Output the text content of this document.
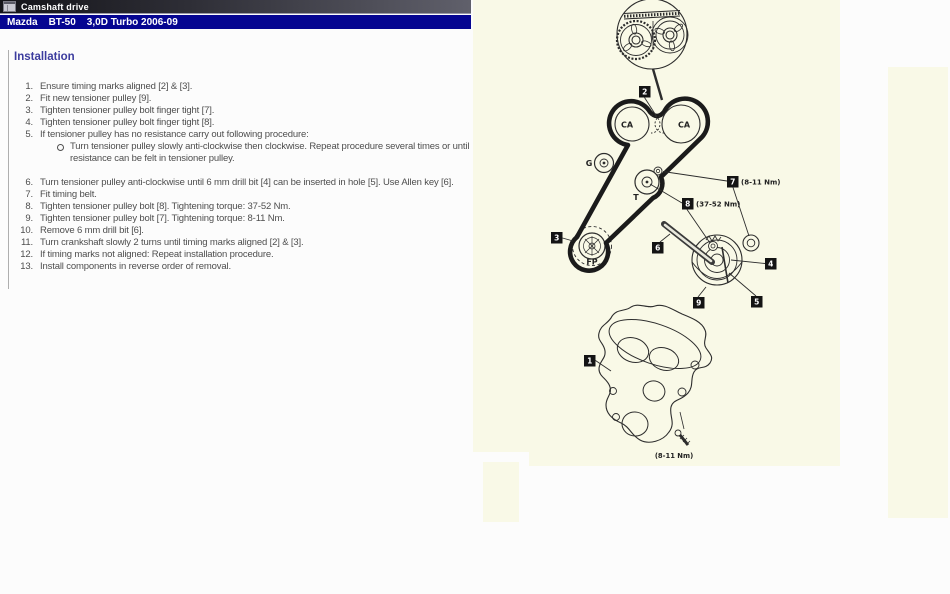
Camshaft drive
Mazda BT-50 3,0D Turbo 2006-09
Installation
1. Ensure timing marks aligned [2] & [3].
2. Fit new tensioner pulley [9].
3. Tighten tensioner pulley bolt finger tight [7].
4. Tighten tensioner pulley bolt finger tight [8].
5. If tensioner pulley has no resistance carry out following procedure:
Turn tensioner pulley slowly anti-clockwise then clockwise. Repeat procedure several times or until resistance can be felt in tensioner pulley.
6. Turn tensioner pulley anti-clockwise until 6 mm drill bit [4] can be inserted in hole [5]. Use Allen key [6].
7. Fit timing belt.
8. Tighten tensioner pulley bolt [8]. Tightening torque: 37-52 Nm.
9. Tighten tensioner pulley bolt [7]. Tightening torque: 8-11 Nm.
10. Remove 6 mm drill bit [6].
11. Turn crankshaft slowly 2 turns until timing marks aligned [2] & [3].
12. If timing marks not aligned: Repeat installation procedure.
13. Install components in reverse order of removal.
2
3
7
8
6
4
5
9
1
CA	CA
G
T
FP
(8-11 Nm)
(37-52 Nm)
(8-11 Nm)
